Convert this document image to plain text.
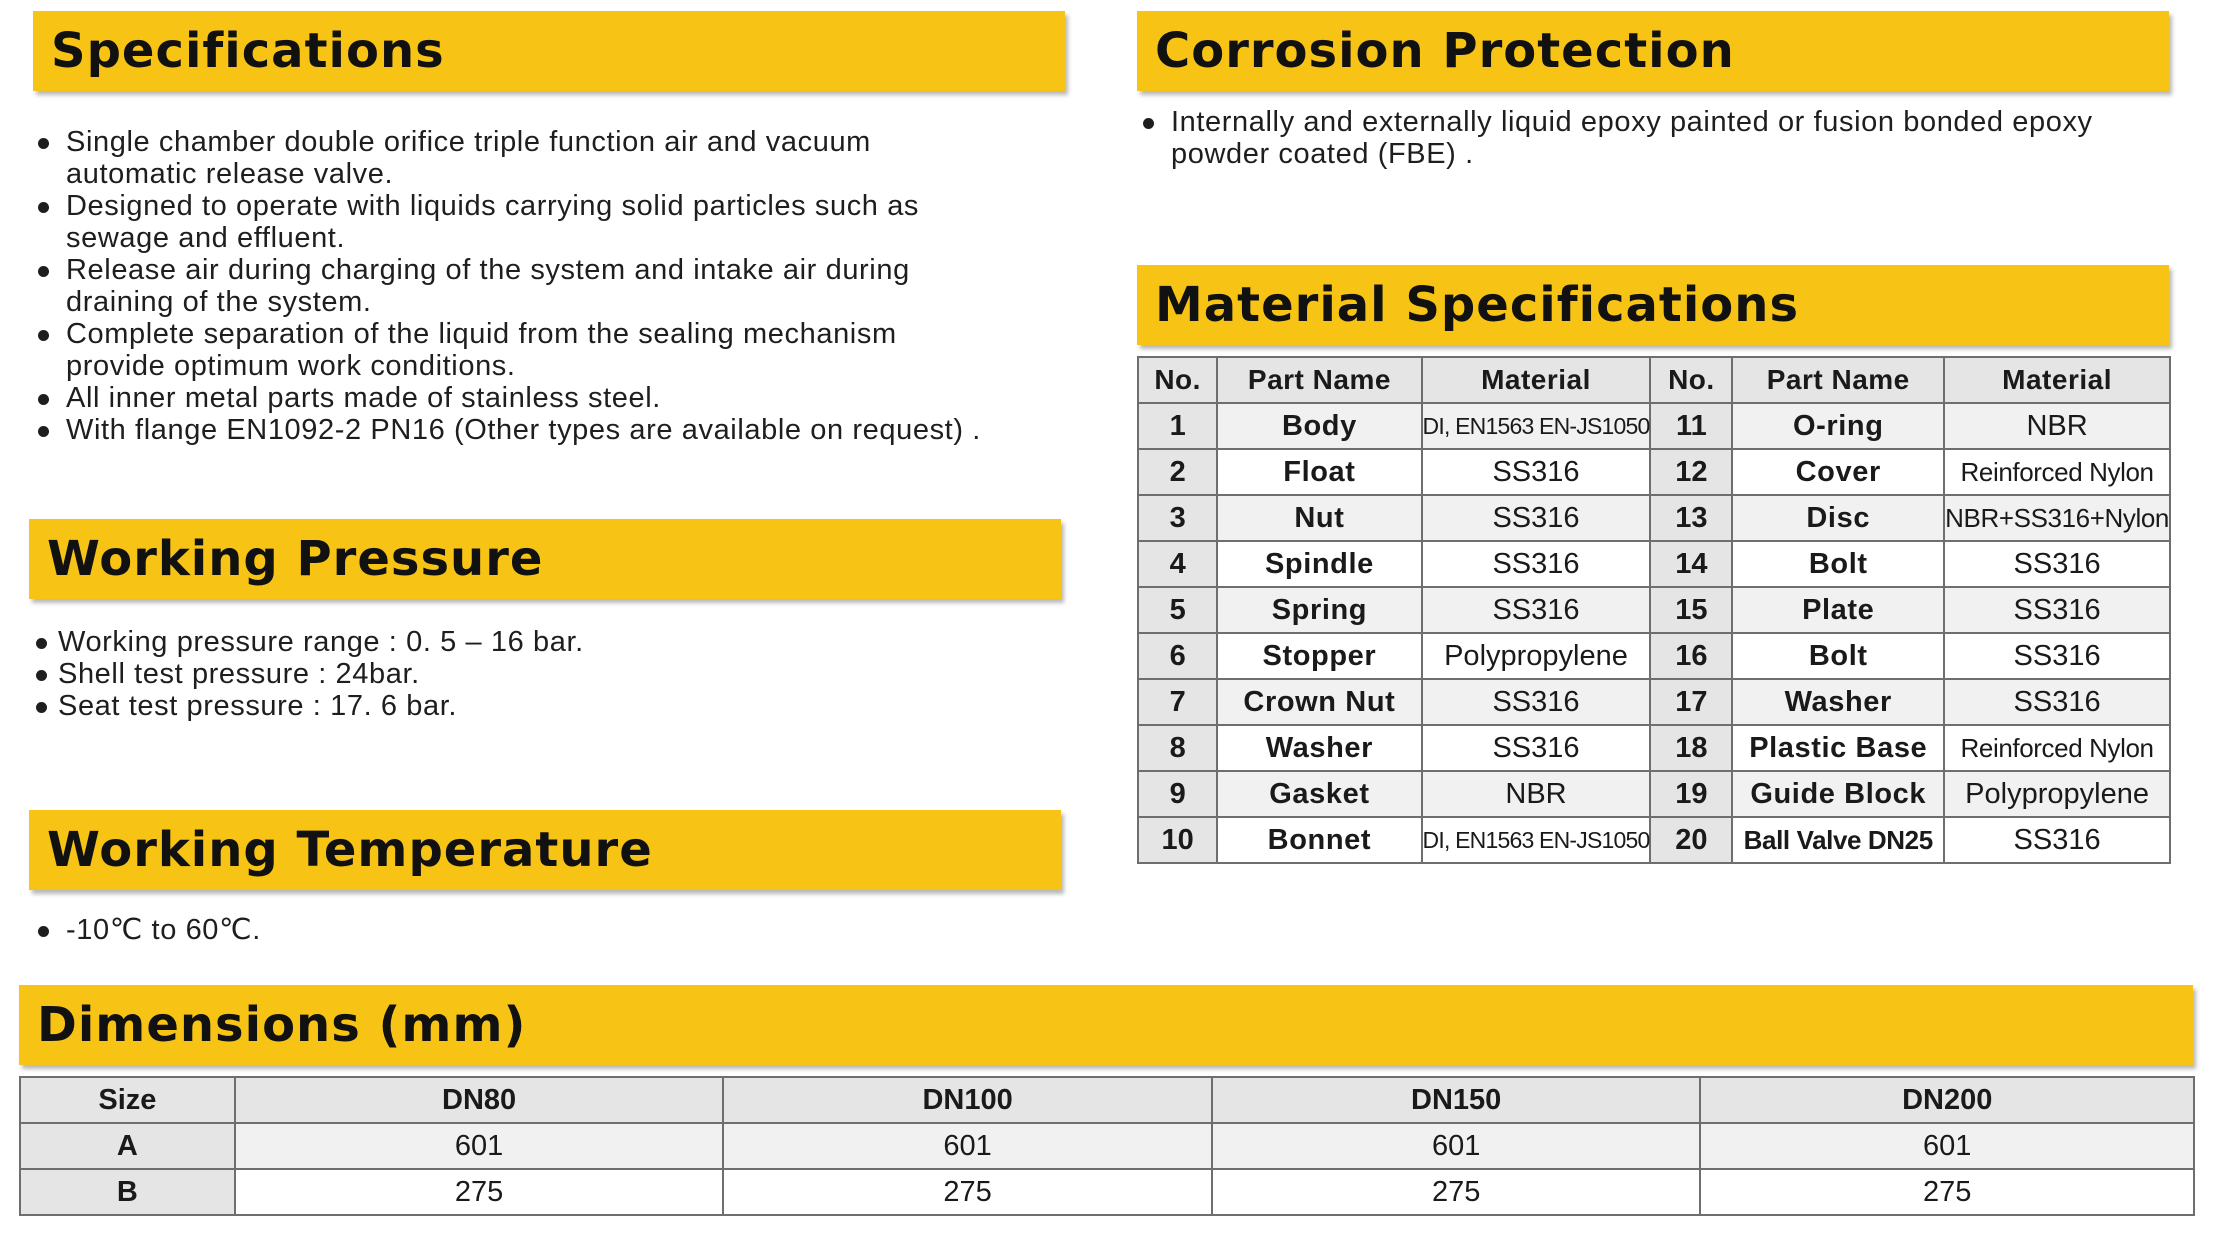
Specifications
Single chamber double orifice triple function air and vacuum
automatic release valve.
Designed to operate with liquids carrying solid particles such as
sewage and effluent.
Release air during charging of the system and intake air during
draining of the system.
Complete separation of the liquid from the sealing mechanism
provide optimum work conditions.
All inner metal parts made of stainless steel.
With flange EN1092-2 PN16 (Other types are available on request) .
Working Pressure
Working pressure range : 0. 5 – 16 bar.
Shell test pressure : 24bar.
Seat test pressure : 17. 6 bar.
Working Temperature
-10℃ to 60℃.
Corrosion Protection
Internally and externally liquid epoxy painted or fusion bonded epoxy
powder coated (FBE) .
Material Specifications
No.	Part Name	Material	No.	Part Name	Material
1	Body	DI, EN1563 EN-JS1050	11	O-ring	NBR
2	Float	SS316	12	Cover	Reinforced Nylon
3	Nut	SS316	13	Disc	NBR+SS316+Nylon
4	Spindle	SS316	14	Bolt	SS316
5	Spring	SS316	15	Plate	SS316
6	Stopper	Polypropylene	16	Bolt	SS316
7	Crown Nut	SS316	17	Washer	SS316
8	Washer	SS316	18	Plastic Base	Reinforced Nylon
9	Gasket	NBR	19	Guide Block	Polypropylene
10	Bonnet	DI, EN1563 EN-JS1050	20	Ball Valve DN25	SS316
Dimensions (mm)
Size	DN80	DN100	DN150	DN200
A	601	601	601	601
B	275	275	275	275
